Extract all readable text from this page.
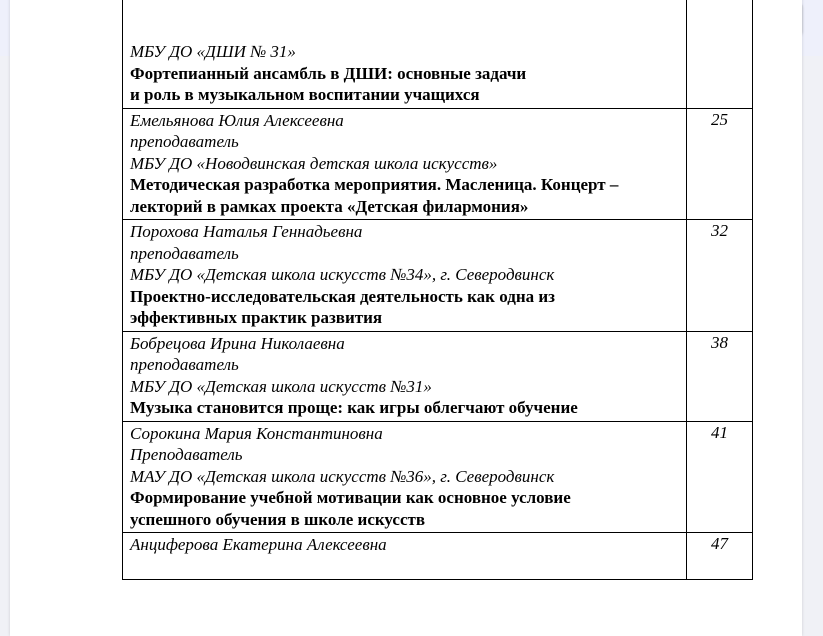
МБУ ДО «ДШИ № 31»
Фортепианный ансамбль в ДШИ: основные задачи
и роль в музыкальном воспитании учащихся	

Емельянова Юлия Алексеевна
преподаватель
МБУ ДО «Новодвинская детская школа искусств»
Методическая разработка мероприятия. Масленица. Концерт –
лекторий в рамках проекта «Детская филармония»	25

Порохова Наталья Геннадьевна
преподаватель
МБУ ДО «Детская школа искусств №34», г. Северодвинск
Проектно-исследовательская деятельность как одна из
эффективных практик развития	32

Бобрецова Ирина Николаевна
преподаватель
МБУ ДО «Детская школа искусств №31»
Музыка становится проще: как игры облегчают обучение	38

Сорокина Мария Константиновна
Преподаватель
МАУ ДО «Детская школа искусств №36», г. Северодвинск
Формирование учебной мотивации как основное условие
успешного обучения в школе искусств	41

Анциферова Екатерина Алексеевна	47
